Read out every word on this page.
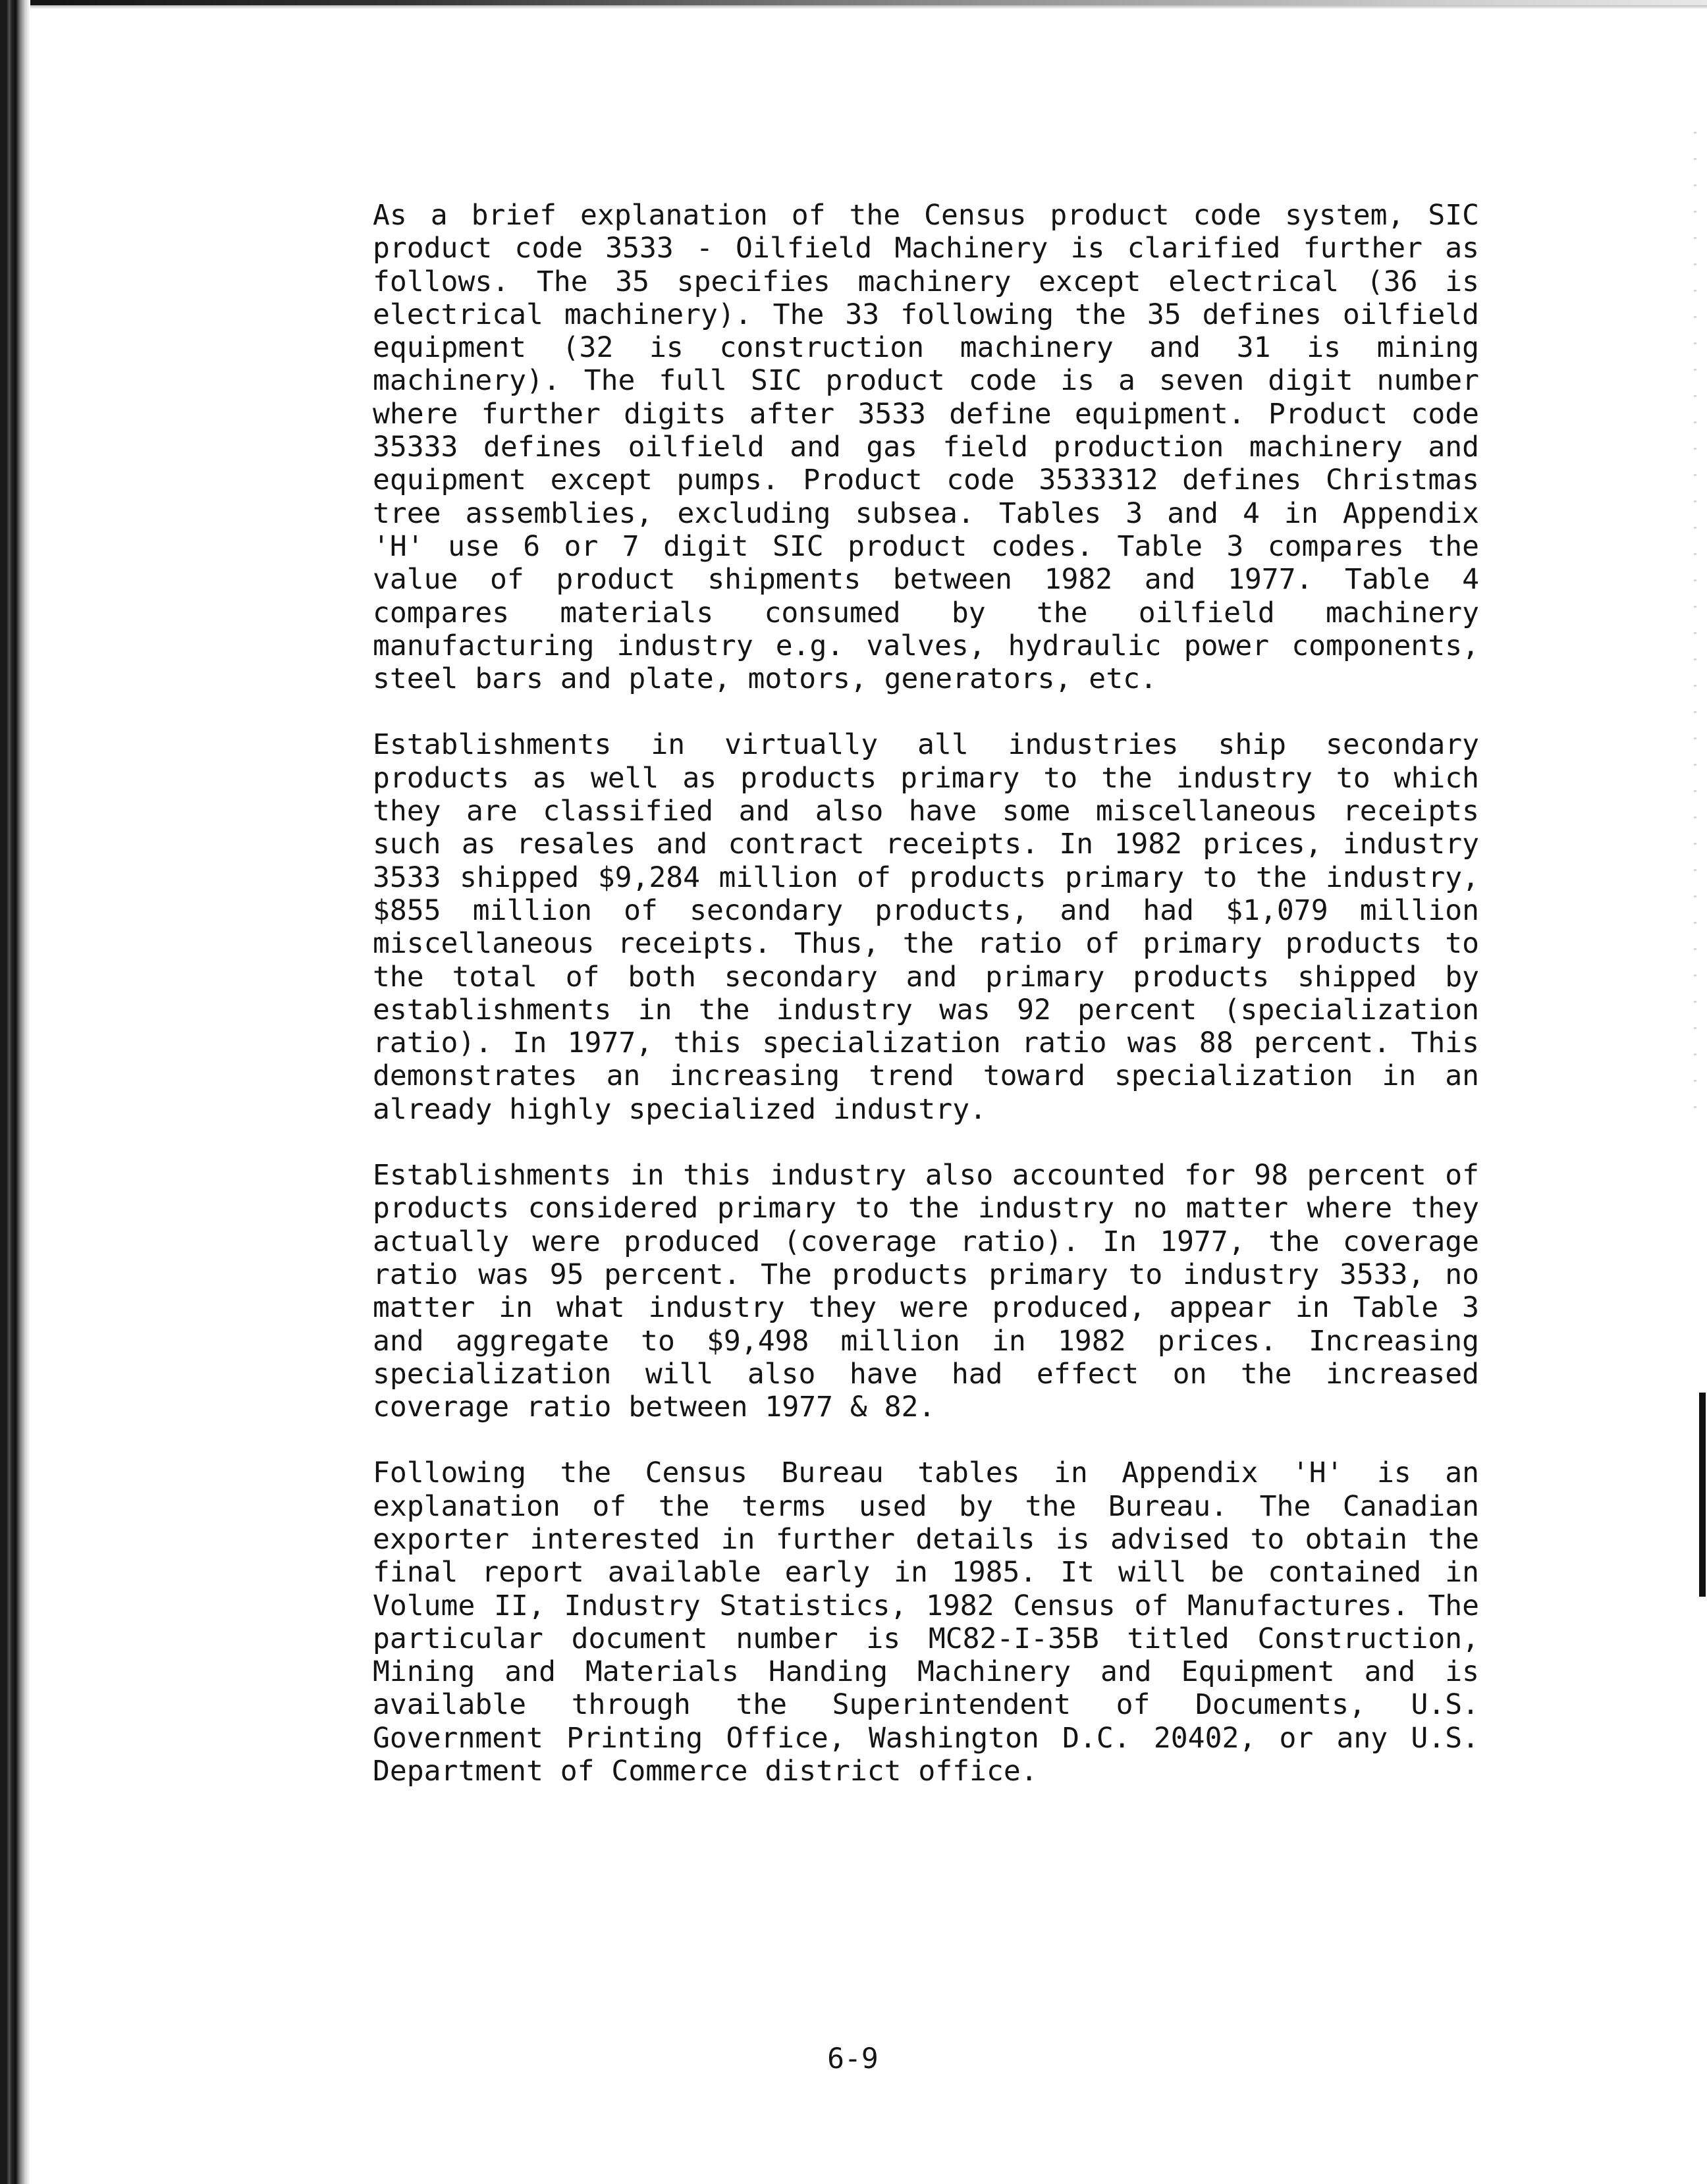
As a brief explanation of the Census product code system, SIC product code 3533 - Oilfield Machinery is clarified further as follows. The 35 specifies machinery except electrical (36 is electrical machinery). The 33 following the 35 defines oilfield equipment (32 is construction machinery and 31 is mining machinery). The full SIC product code is a seven digit number where further digits after 3533 define equipment. Product code 35333 defines oilfield and gas field production machinery and equipment except pumps. Product code 3533312 defines Christmas tree assemblies, excluding subsea. Tables 3 and 4 in Appendix 'H' use 6 or 7 digit SIC product codes. Table 3 compares the value of product shipments between 1982 and 1977. Table 4 compares materials consumed by the oilfield machinery manufacturing industry e.g. valves, hydraulic power components, steel bars and plate, motors, generators, etc.

Establishments in virtually all industries ship secondary products as well as products primary to the industry to which they are classified and also have some miscellaneous receipts such as resales and contract receipts. In 1982 prices, industry 3533 shipped $9,284 million of products primary to the industry, $855 million of secondary products, and had $1,079 million miscellaneous receipts. Thus, the ratio of primary products to the total of both secondary and primary products shipped by establishments in the industry was 92 percent (specialization ratio). In 1977, this specialization ratio was 88 percent. This demonstrates an increasing trend toward specialization in an already highly specialized industry.

Establishments in this industry also accounted for 98 percent of products considered primary to the industry no matter where they actually were produced (coverage ratio). In 1977, the coverage ratio was 95 percent. The products primary to industry 3533, no matter in what industry they were produced, appear in Table 3 and aggregate to $9,498 million in 1982 prices. Increasing specialization will also have had effect on the increased coverage ratio between 1977 & 82.

Following the Census Bureau tables in Appendix 'H' is an explanation of the terms used by the Bureau. The Canadian exporter interested in further details is advised to obtain the final report available early in 1985. It will be contained in Volume II, Industry Statistics, 1982 Census of Manufactures. The particular document number is MC82-I-35B titled Construction, Mining and Materials Handing Machinery and Equipment and is available through the Superintendent of Documents, U.S. Government Printing Office, Washington D.C. 20402, or any U.S. Department of Commerce district office.

6-9
